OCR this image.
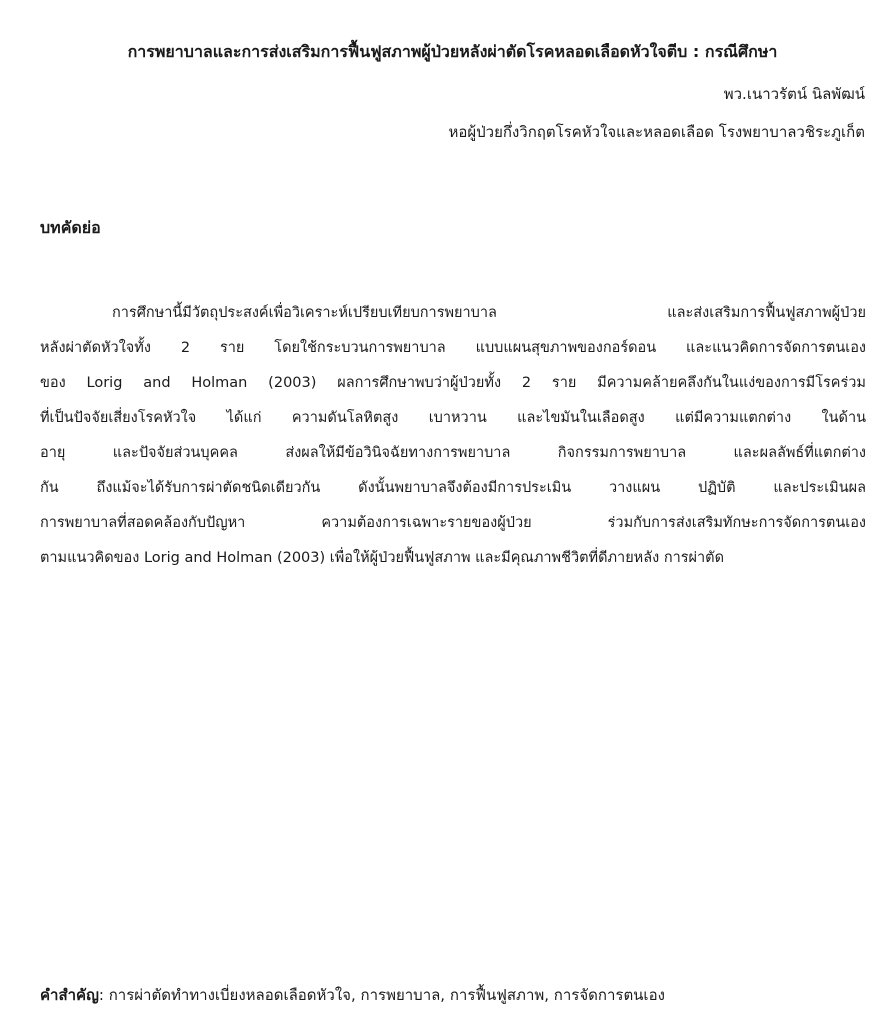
การพยาบาลและการส่งเสริมการฟื้นฟูสภาพผู้ป่วยหลังผ่าตัดโรคหลอดเลือดหัวใจตีบ : กรณีศึกษา
พว.เนาวรัตน์ นิลพัฒน์
หอผู้ป่วยกึ่งวิกฤตโรคหัวใจและหลอดเลือด โรงพยาบาลวชิระภูเก็ต
บทคัดย่อ
การศึกษานี้มีวัตถุประสงค์เพื่อวิเคราะห์เปรียบเทียบการพยาบาล และส่งเสริมการฟื้นฟูสภาพผู้ป่วย
หลังผ่าตัดหัวใจทั้ง 2 ราย โดยใช้กระบวนการพยาบาล แบบแผนสุขภาพของกอร์ดอน และแนวคิดการจัดการตนเอง
ของ Lorig and Holman (2003) ผลการศึกษาพบว่าผู้ป่วยทั้ง 2 ราย มีความคล้ายคลึงกันในแง่ของการมีโรคร่วม
ที่เป็นปัจจัยเสี่ยงโรคหัวใจ ได้แก่ ความดันโลหิตสูง เบาหวาน และไขมันในเลือดสูง แต่มีความแตกต่าง ในด้าน
อายุ และปัจจัยส่วนบุคคล ส่งผลให้มีข้อวินิจฉัยทางการพยาบาล กิจกรรมการพยาบาล และผลลัพธ์ที่แตกต่าง
กัน ถึงแม้จะได้รับการผ่าตัดชนิดเดียวกัน ดังนั้นพยาบาลจึงต้องมีการประเมิน วางแผน ปฏิบัติ และประเมินผล
การพยาบาลที่สอดคล้องกับปัญหา ความต้องการเฉพาะรายของผู้ป่วย ร่วมกับการส่งเสริมทักษะการจัดการตนเอง
ตามแนวคิดของ Lorig and Holman (2003) เพื่อให้ผู้ป่วยฟื้นฟูสภาพ และมีคุณภาพชีวิตที่ดีภายหลัง การผ่าตัด
คำสำคัญ: การผ่าตัดทำทางเบี่ยงหลอดเลือดหัวใจ, การพยาบาล, การฟื้นฟูสภาพ, การจัดการตนเอง
